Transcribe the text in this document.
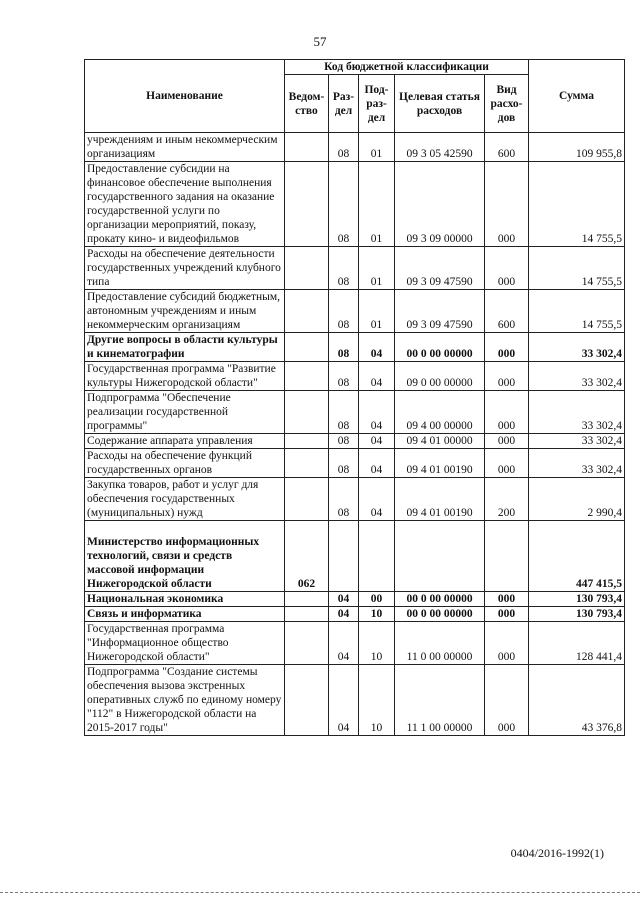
57
Наименование	Код бюджетной классификации					Сумма
	Ведом-ство	Раз-дел	Под-раз-дел	Целевая статья расходов	Вид расхо-дов	
учреждениям и иным некоммерческим организациям		08	01	09 3 05 42590	600	109 955,8
Предоставление субсидии на финансовое обеспечение выполнения государственного задания на оказание государственной услуги по организации мероприятий, показу, прокату кино- и видеофильмов		08	01	09 3 09 00000	000	14 755,5
Расходы на обеспечение деятельности государственных учреждений клубного типа		08	01	09 3 09 47590	000	14 755,5
Предоставление субсидий бюджетным, автономным учреждениям и иным некоммерческим организациям		08	01	09 3 09 47590	600	14 755,5
Другие вопросы в области культуры и кинематографии		08	04	00 0 00 00000	000	33 302,4
Государственная программа "Развитие культуры Нижегородской области"		08	04	09 0 00 00000	000	33 302,4
Подпрограмма "Обеспечение реализации государственной программы"		08	04	09 4 00 00000	000	33 302,4
Содержание аппарата управления		08	04	09 4 01 00000	000	33 302,4
Расходы на обеспечение функций государственных органов		08	04	09 4 01 00190	000	33 302,4
Закупка товаров, работ и услуг для обеспечения государственных (муниципальных) нужд		08	04	09 4 01 00190	200	2 990,4
Министерство информационных технологий, связи и средств массовой информации Нижегородской области	062					447 415,5
Национальная экономика		04	00	00 0 00 00000	000	130 793,4
Связь и информатика		04	10	00 0 00 00000	000	130 793,4
Государственная программа "Информационное общество Нижегородской области"		04	10	11 0 00 00000	000	128 441,4
Подпрограмма "Создание системы обеспечения вызова экстренных оперативных служб по единому номеру "112" в Нижегородской области на 2015-2017 годы"		04	10	11 1 00 00000	000	43 376,8
0404/2016-1992(1)
